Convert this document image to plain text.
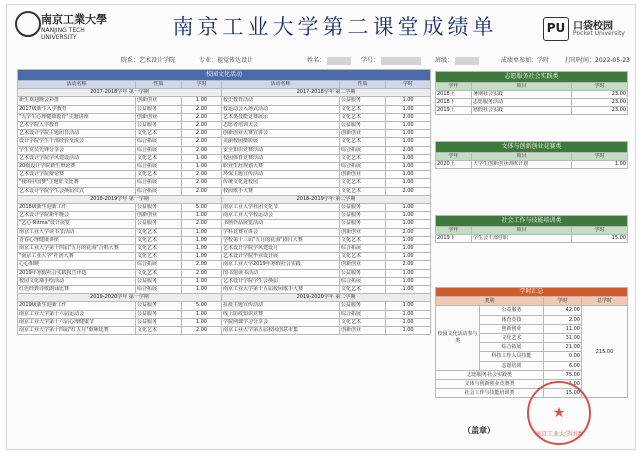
南京工業大學
NANJING TECH
UNIVERSITY	南京工业大学第二课堂成绩单	PU 口袋校园
Pocket University
院系：艺术设计学院	专业：视觉传达设计	姓名：	学号：	班级：	成绩单参加：学时	打印时间：2022-05-23
校园文化活动					
活动名称	性质	学时	活动名称	性质	学时
2017-2018学年 第一学期			2017-2018学年 第二学期		
新生欢迎晚会彩排	创新创业	1.00	校史教育活动	公益服务	1.00
2017级新生入学教育	公益服务	2.00	校运动会入场式活动	文化艺术	1.00
"大学生心理健康教育"主题讲座	创新创业	2.00	艺术类技能竞赛展示	文化艺术	2.00
艺术学院人学教育	公益服务	2.00	志愿者培训大会	公益服务	1.00
艺术设计学院主题团日活动	文化艺术	2.00	创新创业大赛宣讲会	创新创业	1.00
设计学院学生干部经验交流会	综合拓展	2.00	美丽校园摄影展	文化艺术	1.00
学生党员先锋分享会	综合拓展	2.00	安全知识竞赛活动	综合拓展	2.00
艺术设计学院学风建设活动	文化艺术	1.00	校园体育竞赛活动	文化艺术	1.00
20级设计学院新生辩论赛	综合拓展	1.00	职业生涯规划大赛	综合拓展	1.00
艺术设计学院辩论赛	文化艺术	2.00	环保主题宣传活动	创新创业	1.00
"我的中国梦"主题征文比赛	综合拓展	2.00	传统文化进校园	文化艺术	1.00
艺术设计学院学生会换届仪式	综合拓展	2.00	校园歌手大赛	文化艺术	2.00
2018-2019学年 第一学期			2018-2019学年 第二学期		
2018级新生迎新工作	公益服务	5.00	南京工业大学社团文化节	公益服务	1.00
艺术设计学院新年晚会	创新创业	1.00	南京工业大学校运动会	公益服务	1.00
"艺心·Ritma"设计展览	公益服务	2.00	书画作品展览活动	公益服务	1.00
南京工业大学读书节活动	文化艺术	1.00	学科竞赛宣讲会	创新创业	2.00
青春心理健康讲座	文化艺术	1.00	学校第十三届"五月的花海"剧目大赛	文化艺术	1.00
南京工业大学第十四届"五月的花海"合唱大赛	文化艺术	1.00	艺术设计学院学风建设月	综合拓展	1.00
"南京工业大学"社团大赛	文化艺术	1.00	艺术设计学院毕业设计展	文化艺术	1.00
心心相映	综合拓展	2.00	南京工业大学2019年寒假社会实践	创新创业	2.00
2019年寒假社会实践报告评选	文化艺术	2.00	图书馆读书活动	公益服务	1.00
校园文化墙手绘活动	公益服务	1.00	艺术设计学院学生会换届	综合拓展	1.00
红色经典诗歌朗诵比赛	综合拓展	1.00	南京工业大学第十五届校园歌手大赛	文化艺术	1.00
2019-2020学年 第一学期			2019-2020学年 第二学期		
2019级新生迎新工作	公益服务	5.00	抗疫主题宣传活动	公益服务	1.00
南京工业大学第十六届运动会	公益服务	1.00	线上防疫知识竞赛	综合拓展	1.00
南京工业大学第十六届心理健康节	公益服务	1.00	学院网课学习分享会	文化艺术	1.00
南京工业大学第十四届"红五月"歌咏比赛	文化艺术	2.00	南京工业大学第五届校园创意市集	创新创业	1.00
志愿服务社会实践类		
学年	项目	学时
2018上	暑期社会实践	23.00
2018下	志愿服务活动	23.00
2019上	寒假社会实践	23.00
文体与创新创业竞赛类		
学年	项目	学时
2020上	大学生创新创业训练计划	1.00
社会工作与技能培训类		
学年	项目	学时
2019下	学生会干部任职	15.00
学时汇总			
类别		学时	总学时
校园文化活动参与类	公益服务	42.00	215.00
	体育竞技	2.00	
	创新创业	11.00	
	文化艺术	31.00	
	综合拓展	21.00	
	科技工作人员技能	0.00	
	志愿培训	6.00	
志愿服务社会实践类		75.00	
文体与创新创业竞赛类		1.00	
社会工作与技能培训类		15.00	
（盖章）
★
南京工业大学团委
